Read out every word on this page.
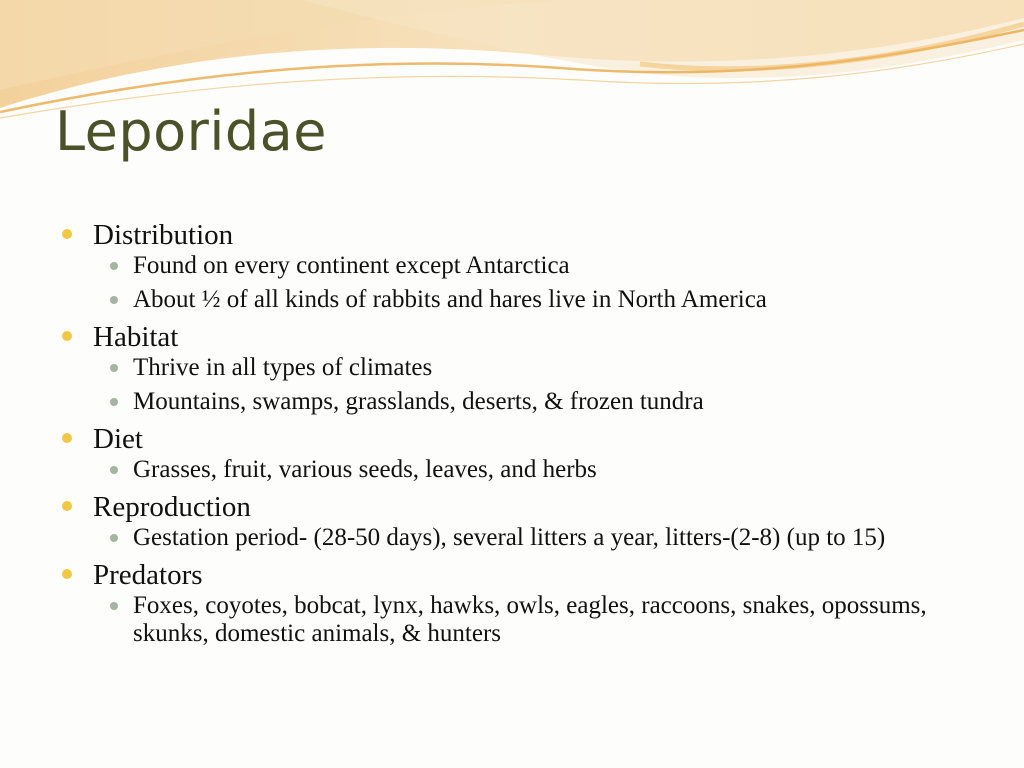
Leporidae
Distribution
Found on every continent except Antarctica
About ½ of all kinds of rabbits and hares live in North America
Habitat
Thrive in all types of climates
Mountains, swamps, grasslands, deserts, & frozen tundra
Diet
Grasses, fruit, various seeds, leaves, and herbs
Reproduction
Gestation period- (28-50 days), several litters a year, litters-(2-8) (up to 15)
Predators
Foxes, coyotes, bobcat, lynx, hawks, owls, eagles, raccoons, snakes, opossums, skunks, domestic animals, & hunters
